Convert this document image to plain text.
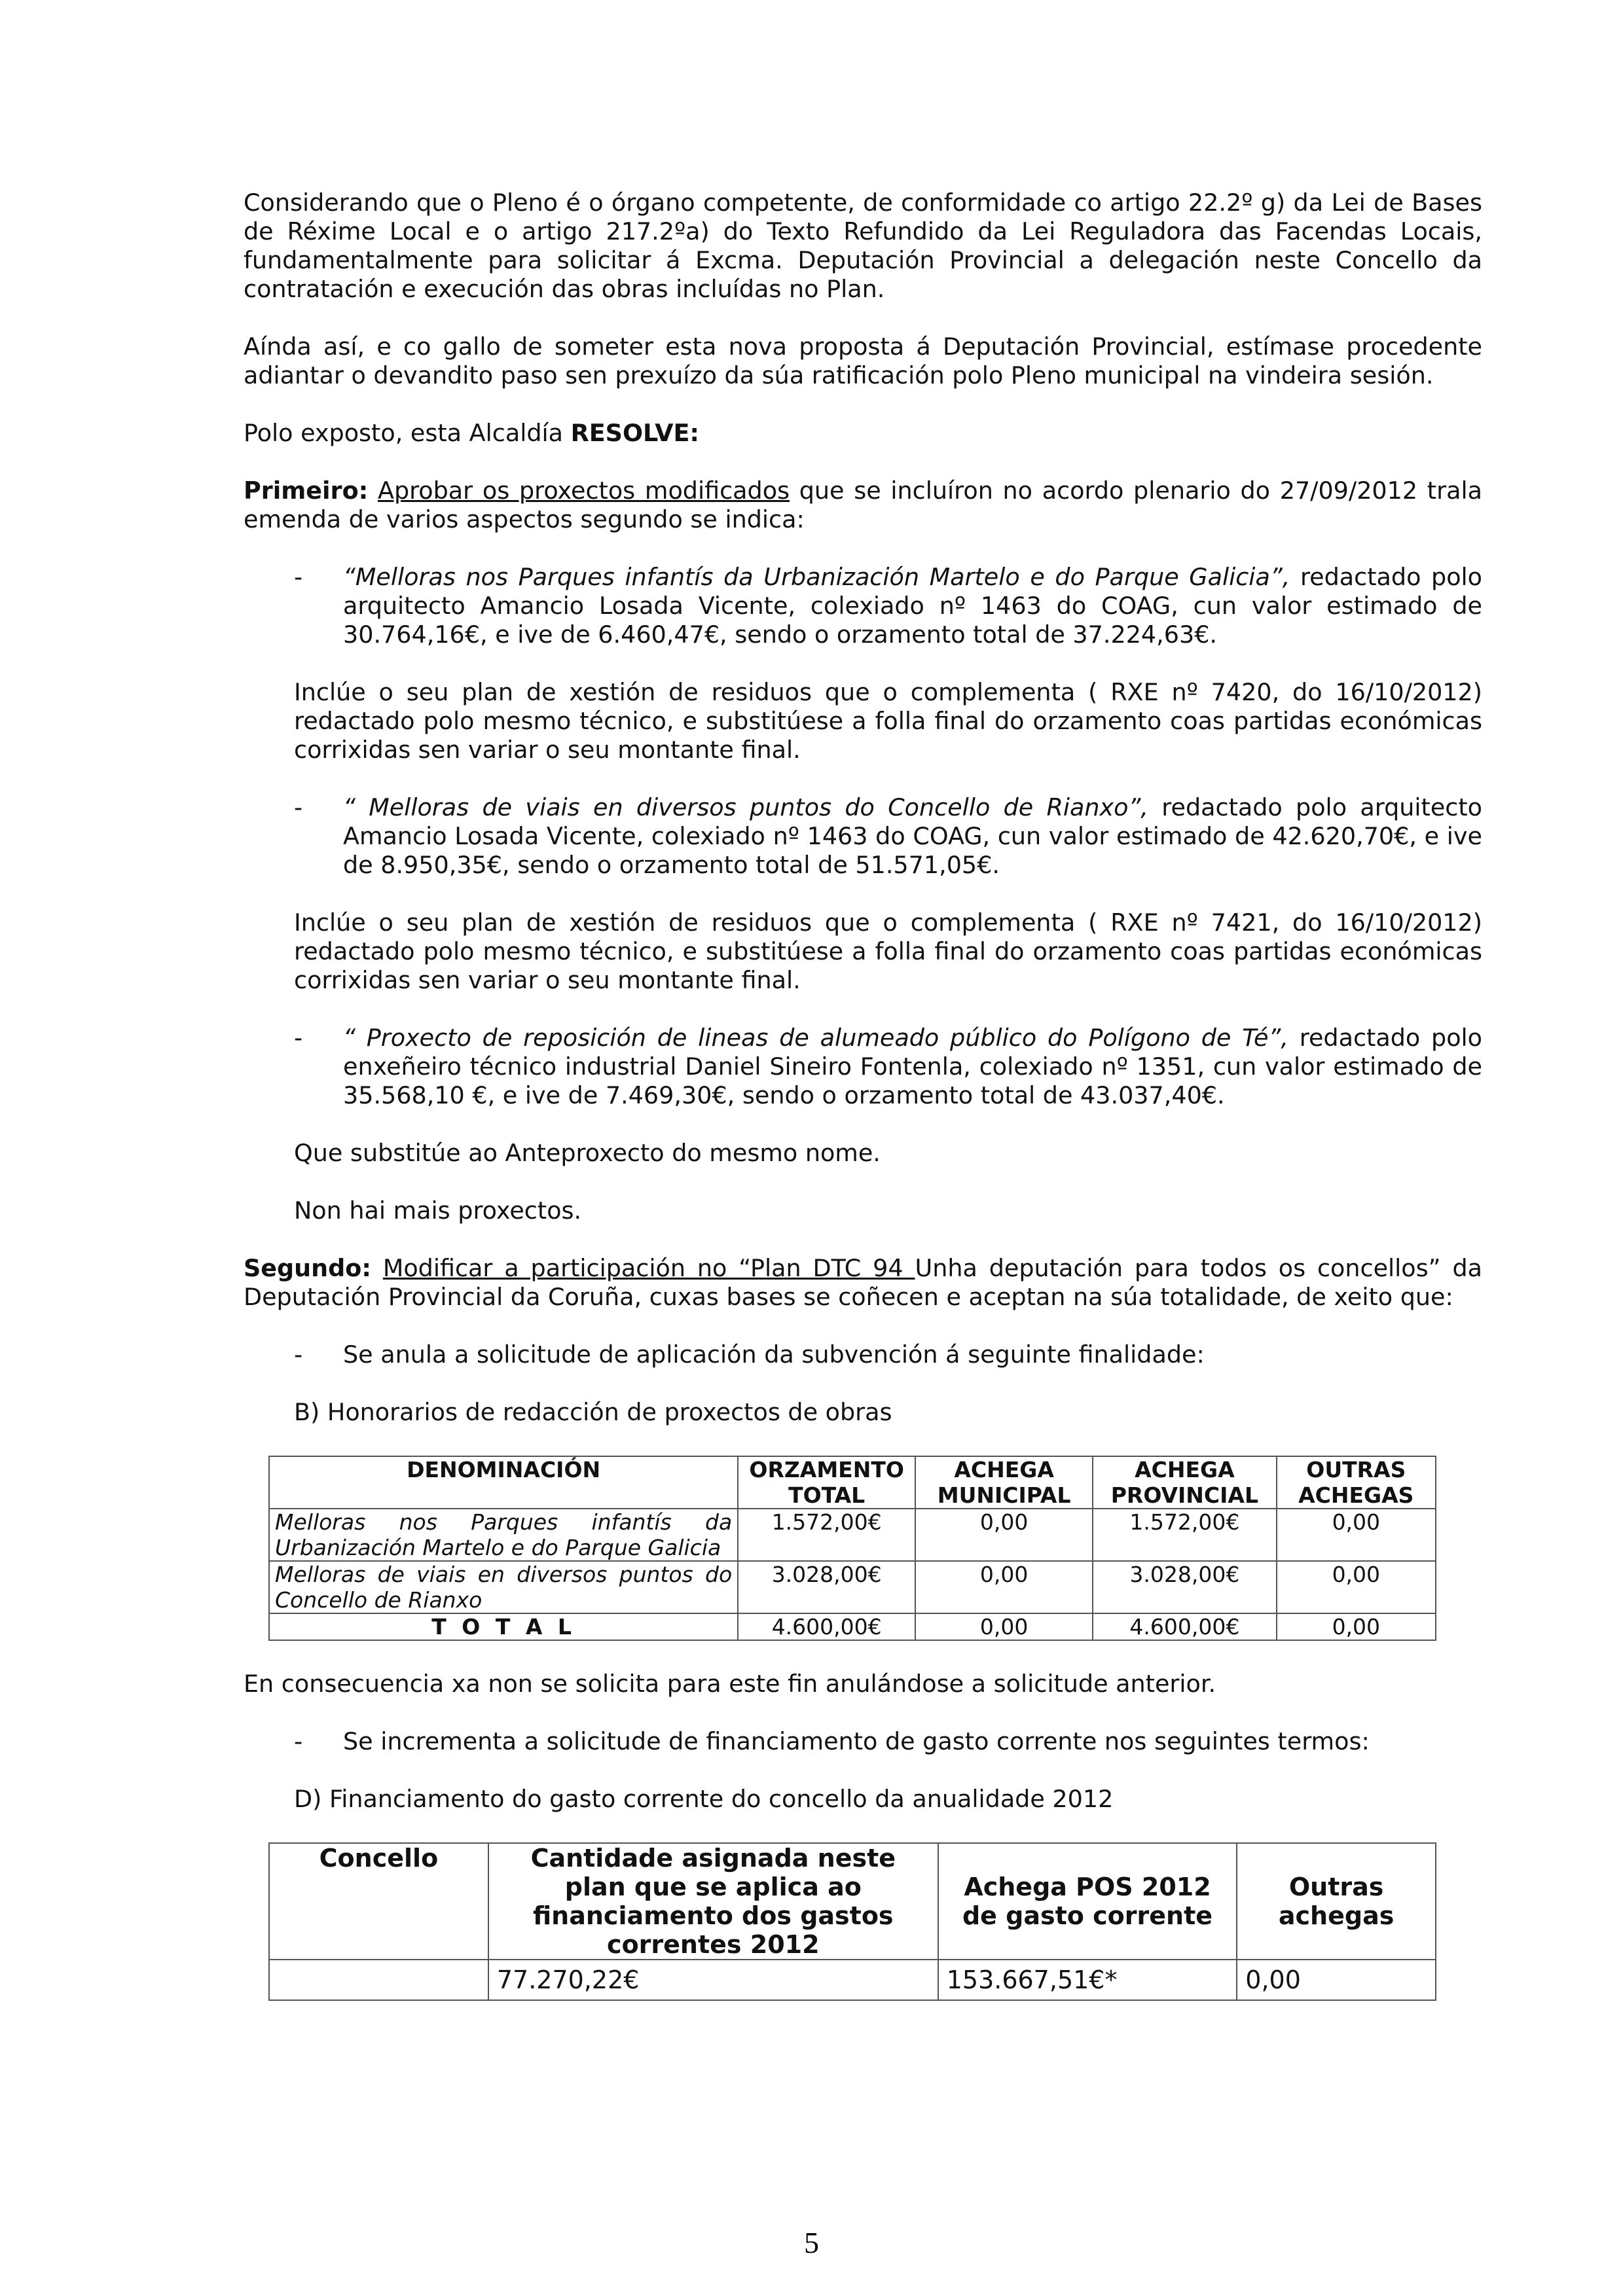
Considerando que o Pleno é o órgano competente, de conformidade co artigo 22.2º g) da Lei de Bases de Réxime Local e o artigo 217.2ºa) do Texto Refundido da Lei Reguladora das Facendas Locais, fundamentalmente para solicitar á Excma. Deputación Provincial a delegación neste Concello da contratación e execución das obras incluídas no Plan.

Aínda así, e co gallo de someter esta nova proposta á Deputación Provincial, estímase procedente adiantar o devandito paso sen prexuízo da súa ratificación polo Pleno municipal na vindeira sesión.

Polo exposto, esta Alcaldía RESOLVE:

Primeiro: Aprobar os proxectos modificados que se incluíron no acordo plenario do 27/09/2012 trala emenda de varios aspectos segundo se indica:

- “Melloras nos Parques infantís da Urbanización Martelo e do Parque Galicia”, redactado polo arquitecto Amancio Losada Vicente, colexiado nº 1463 do COAG, cun valor estimado de 30.764,16€, e ive de 6.460,47€, sendo o orzamento total de 37.224,63€.

Inclúe o seu plan de xestión de residuos que o complementa ( RXE nº 7420, do 16/10/2012) redactado polo mesmo técnico, e substitúese a folla final do orzamento coas partidas económicas corrixidas sen variar o seu montante final.

- “ Melloras de viais en diversos puntos do Concello de Rianxo”, redactado polo arquitecto Amancio Losada Vicente, colexiado nº 1463 do COAG, cun valor estimado de 42.620,70€, e ive de 8.950,35€, sendo o orzamento total de 51.571,05€.

Inclúe o seu plan de xestión de residuos que o complementa ( RXE nº 7421, do 16/10/2012) redactado polo mesmo técnico, e substitúese a folla final do orzamento coas partidas económicas corrixidas sen variar o seu montante final.

- “ Proxecto de reposición de lineas de alumeado público do Polígono de Té”, redactado polo enxeñeiro técnico industrial Daniel Sineiro Fontenla, colexiado nº 1351, cun valor estimado de 35.568,10 €, e ive de 7.469,30€, sendo o orzamento total de 43.037,40€.

Que substitúe ao Anteproxecto do mesmo nome.

Non hai mais proxectos.

Segundo: Modificar a participación no “Plan DTC 94 Unha deputación para todos os concellos” da Deputación Provincial da Coruña, cuxas bases se coñecen e aceptan na súa totalidade, de xeito que:

- Se anula a solicitude de aplicación da subvención á seguinte finalidade:

B) Honorarios de redacción de proxectos de obras

DENOMINACIÓN	ORZAMENTO TOTAL	ACHEGA MUNICIPAL	ACHEGA PROVINCIAL	OUTRAS ACHEGAS
Melloras nos Parques infantís da Urbanización Martelo e do Parque Galicia	1.572,00€	0,00	1.572,00€	0,00
Melloras de viais en diversos puntos do Concello de Rianxo	3.028,00€	0,00	3.028,00€	0,00
T O T A L	4.600,00€	0,00	4.600,00€	0,00

En consecuencia xa non se solicita para este fin anulándose a solicitude anterior.

- Se incrementa a solicitude de financiamento de gasto corrente nos seguintes termos:

D) Financiamento do gasto corrente do concello da anualidade 2012

Concello	Cantidade asignada neste plan que se aplica ao financiamento dos gastos correntes 2012	Achega POS 2012 de gasto corrente	Outras achegas
	77.270,22€	153.667,51€*	0,00
5
